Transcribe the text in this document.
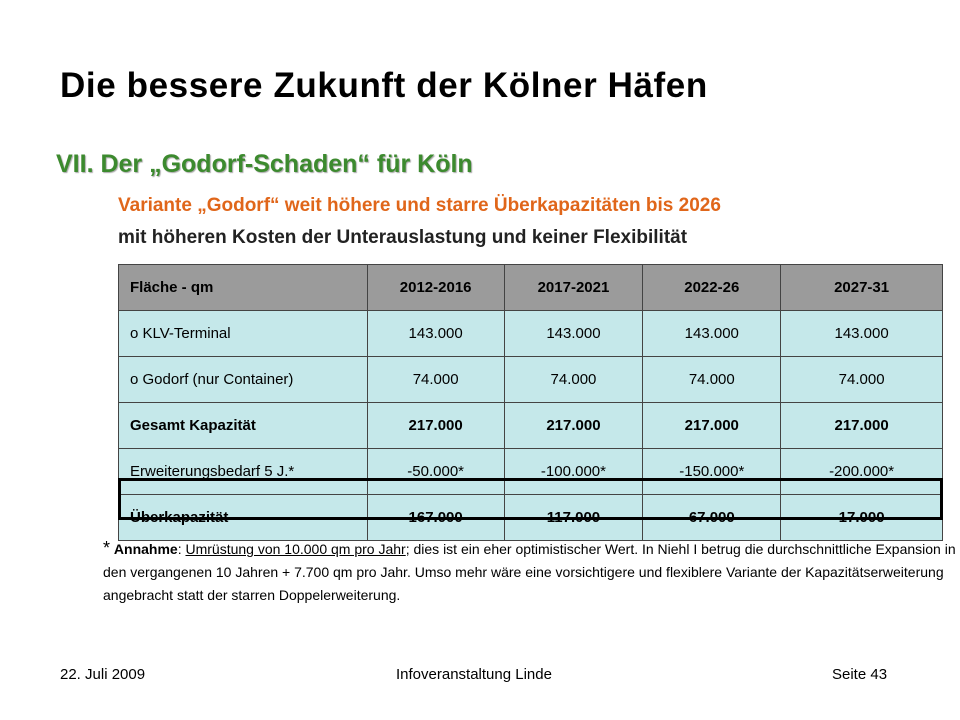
Die bessere Zukunft der Kölner Häfen
VII. Der „Godorf-Schaden“ für Köln
Variante „Godorf“ weit höhere und starre Überkapazitäten bis 2026
mit höheren Kosten der Unterauslastung und keiner Flexibilität
Fläche - qm	2012-2016	2017-2021	2022-26	2027-31
o KLV-Terminal	143.000	143.000	143.000	143.000
o Godorf (nur Container)	74.000	74.000	74.000	74.000
Gesamt Kapazität	217.000	217.000	217.000	217.000
Erweiterungsbedarf 5 J.*	-50.000*	-100.000*	-150.000*	-200.000*
Überkapazität	167.000	117.000	67.000	17.000
* Annahme: Umrüstung von 10.000 qm pro Jahr; dies ist ein eher optimistischer Wert. In Niehl I betrug die durchschnittliche Expansion in den vergangenen 10 Jahren + 7.700 qm pro Jahr. Umso mehr wäre eine vorsichtigere und flexiblere Variante der Kapazitätserweiterung angebracht statt der starren Doppelerweiterung.
22. Juli 2009	Infoveranstaltung Linde	Seite 43
